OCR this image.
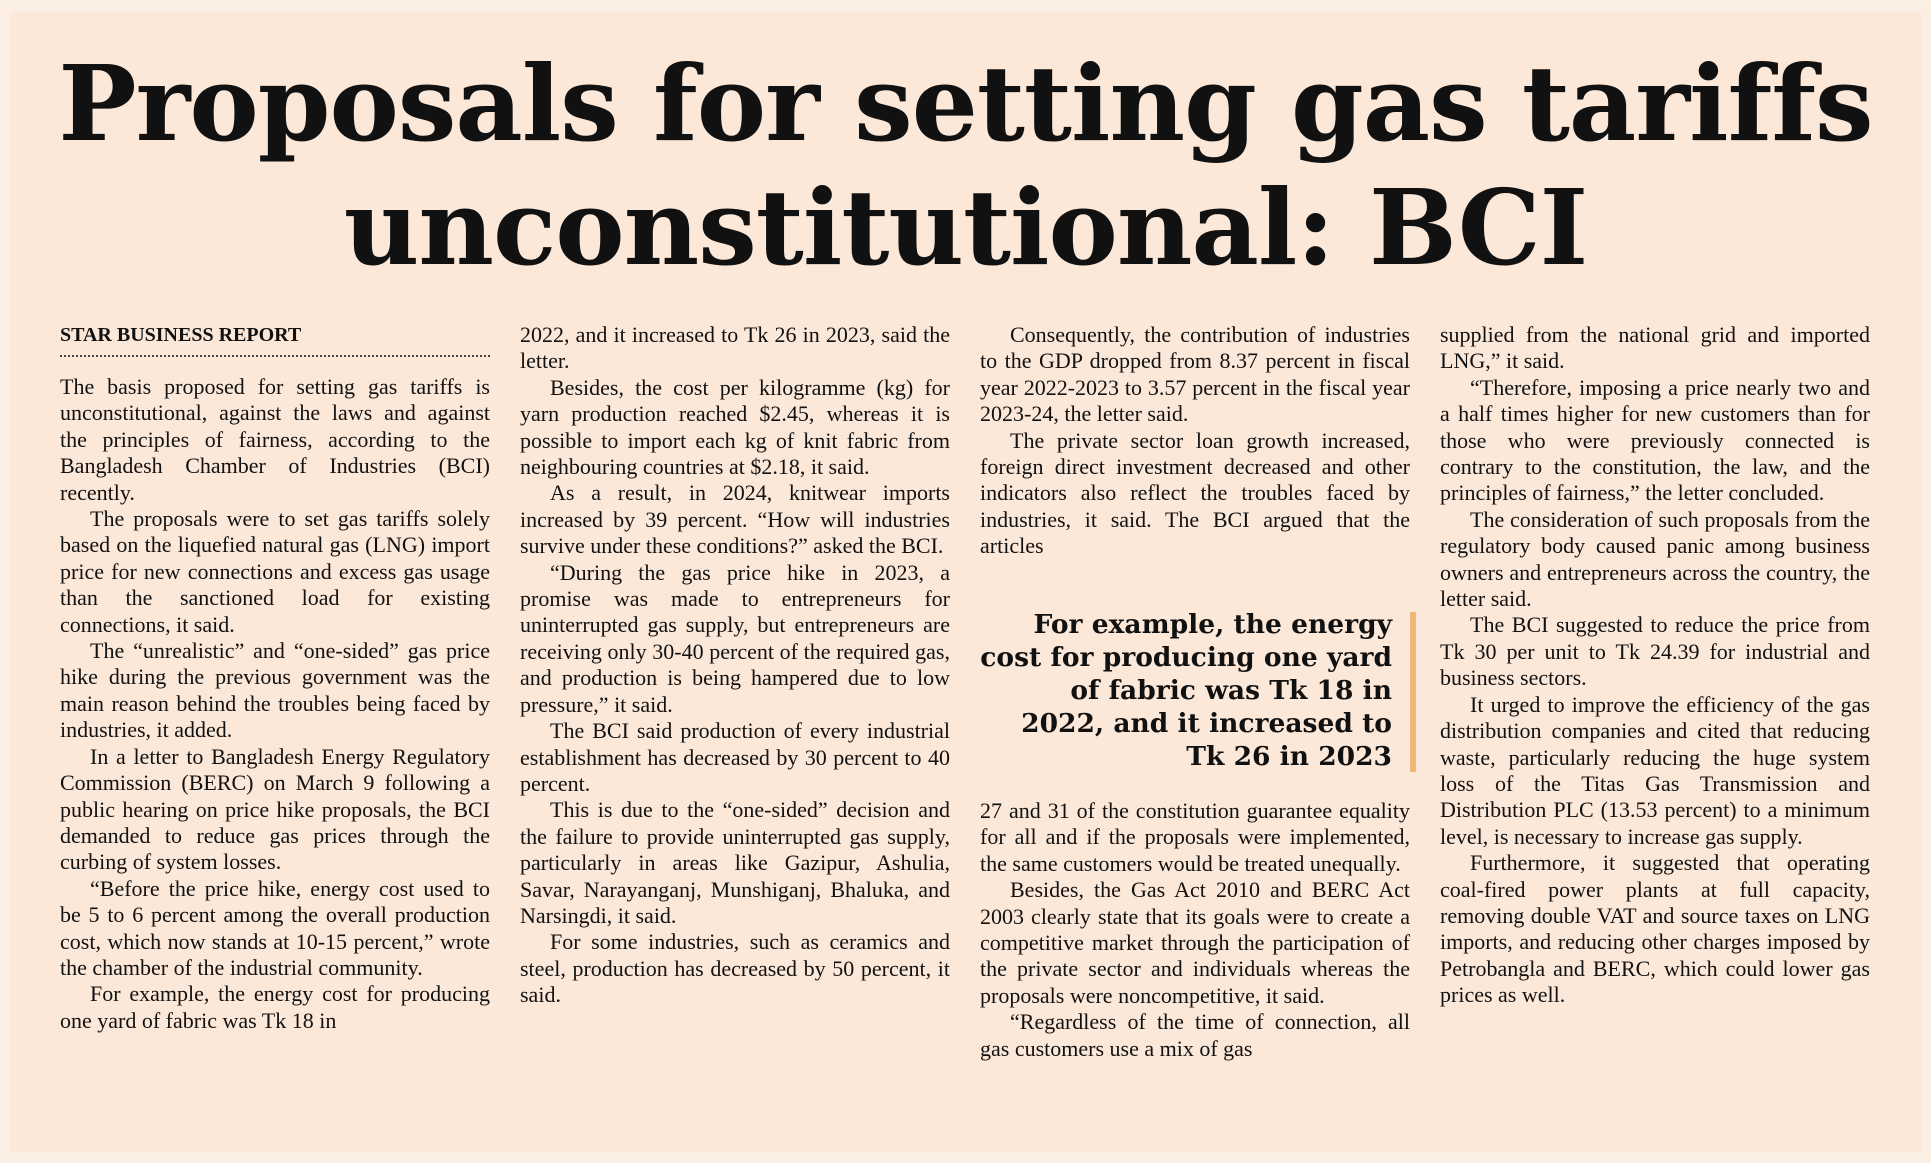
Proposals for setting gas tariffs unconstitutional: BCI
STAR BUSINESS REPORT

The basis proposed for setting gas tariffs is unconstitutional, against the laws and against the principles of fairness, according to the Bangladesh Chamber of Industries (BCI) recently.

The proposals were to set gas tariffs solely based on the liquefied natural gas (LNG) import price for new connections and excess gas usage than the sanctioned load for existing connections, it said.

The “unrealistic” and “one-sided” gas price hike during the previous government was the main reason behind the troubles being faced by industries, it added.

In a letter to Bangladesh Energy Regulatory Commission (BERC) on March 9 following a public hearing on price hike proposals, the BCI demanded to reduce gas prices through the curbing of system losses.

“Before the price hike, energy cost used to be 5 to 6 percent among the overall production cost, which now stands at 10-15 percent,” wrote the chamber of the industrial community.

For example, the energy cost for producing one yard of fabric was Tk 18 in

2022, and it increased to Tk 26 in 2023, said the letter.

Besides, the cost per kilogramme (kg) for yarn production reached $2.45, whereas it is possible to import each kg of knit fabric from neighbouring countries at $2.18, it said.

As a result, in 2024, knitwear imports increased by 39 percent. “How will industries survive under these conditions?” asked the BCI.

“During the gas price hike in 2023, a promise was made to entrepreneurs for uninterrupted gas supply, but entrepreneurs are receiving only 30-40 percent of the required gas, and production is being hampered due to low pressure,” it said.

The BCI said production of every industrial establishment has decreased by 30 percent to 40 percent.

This is due to the “one-sided” decision and the failure to provide uninterrupted gas supply, particularly in areas like Gazipur, Ashulia, Savar, Narayanganj, Munshiganj, Bhaluka, and Narsingdi, it said.

For some industries, such as ceramics and steel, production has decreased by 50 percent, it said.

Consequently, the contribution of industries to the GDP dropped from 8.37 percent in fiscal year 2022-2023 to 3.57 percent in the fiscal year 2023-24, the letter said.

The private sector loan growth increased, foreign direct investment decreased and other indicators also reflect the troubles faced by industries, it said. The BCI argued that the articles

For example, the energy cost for producing one yard of fabric was Tk 18 in 2022, and it increased to Tk 26 in 2023

27 and 31 of the constitution guarantee equality for all and if the proposals were implemented, the same customers would be treated unequally.

Besides, the Gas Act 2010 and BERC Act 2003 clearly state that its goals were to create a competitive market through the participation of the private sector and individuals whereas the proposals were noncompetitive, it said.

“Regardless of the time of connection, all gas customers use a mix of gas

supplied from the national grid and imported LNG,” it said.

“Therefore, imposing a price nearly two and a half times higher for new customers than for those who were previously connected is contrary to the constitution, the law, and the principles of fairness,” the letter concluded.

The consideration of such proposals from the regulatory body caused panic among business owners and entrepreneurs across the country, the letter said.

The BCI suggested to reduce the price from Tk 30 per unit to Tk 24.39 for industrial and business sectors.

It urged to improve the efficiency of the gas distribution companies and cited that reducing waste, particularly reducing the huge system loss of the Titas Gas Transmission and Distribution PLC (13.53 percent) to a minimum level, is necessary to increase gas supply.

Furthermore, it suggested that operating coal-fired power plants at full capacity, removing double VAT and source taxes on LNG imports, and reducing other charges imposed by Petrobangla and BERC, which could lower gas prices as well.
